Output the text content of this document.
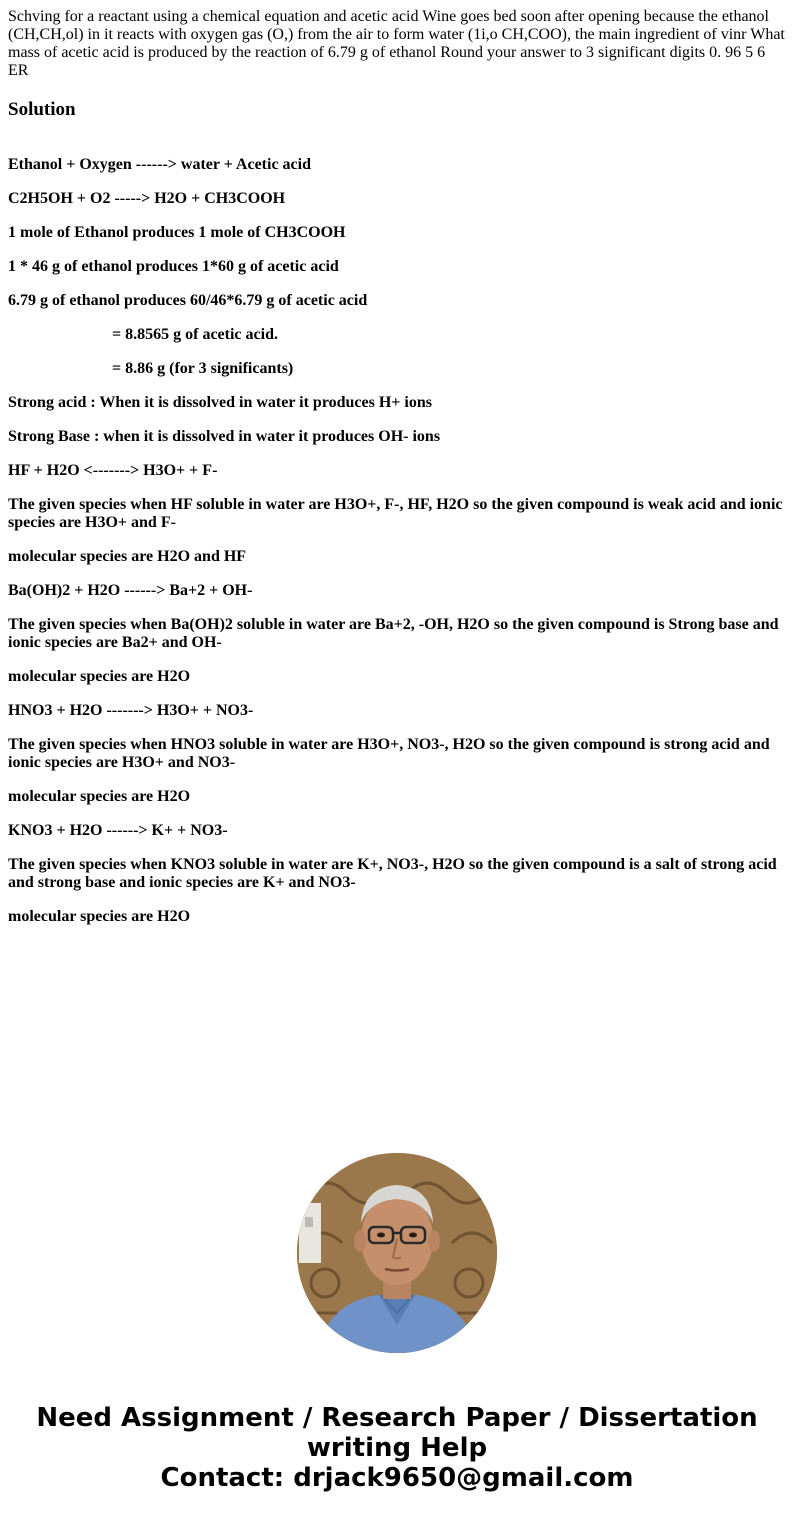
Schving for a reactant using a chemical equation and acetic acid Wine goes bed soon after opening because the ethanol (CH,CH,ol) in it reacts with oxygen gas (O,) from the air to form water (1i,o CH,COO), the main ingredient of vinr What mass of acetic acid is produced by the reaction of 6.79 g of ethanol Round your answer to 3 significant digits 0. 96 5 6 ER

Solution

Ethanol + Oxygen ------> water + Acetic acid

C2H5OH + O2 -----> H2O + CH3COOH

1 mole of Ethanol produces 1 mole of CH3COOH

1 * 46 g of ethanol produces 1*60 g of acetic acid

6.79 g of ethanol produces 60/46*6.79 g of acetic acid

= 8.8565 g of acetic acid.

= 8.86 g (for 3 significants)

Strong acid : When it is dissolved in water it produces H+ ions

Strong Base : when it is dissolved in water it produces OH- ions

HF + H2O <-------> H3O+ + F-

The given species when HF soluble in water are H3O+, F-, HF, H2O so the given compound is weak acid and ionic species are H3O+ and F-

molecular species are H2O and HF

Ba(OH)2 + H2O ------> Ba+2 + OH-

The given species when Ba(OH)2 soluble in water are Ba+2, -OH, H2O so the given compound is Strong base and ionic species are Ba2+ and OH-

molecular species are H2O

HNO3 + H2O -------> H3O+ + NO3-

The given species when HNO3 soluble in water are H3O+, NO3-, H2O so the given compound is strong acid and ionic species are H3O+ and NO3-

molecular species are H2O

KNO3 + H2O ------> K+ + NO3-

The given species when KNO3 soluble in water are K+, NO3-, H2O so the given compound is a salt of strong acid and strong base and ionic species are K+ and NO3-

molecular species are H2O

Need Assignment / Research Paper / Dissertation
writing Help
Contact: drjack9650@gmail.com
